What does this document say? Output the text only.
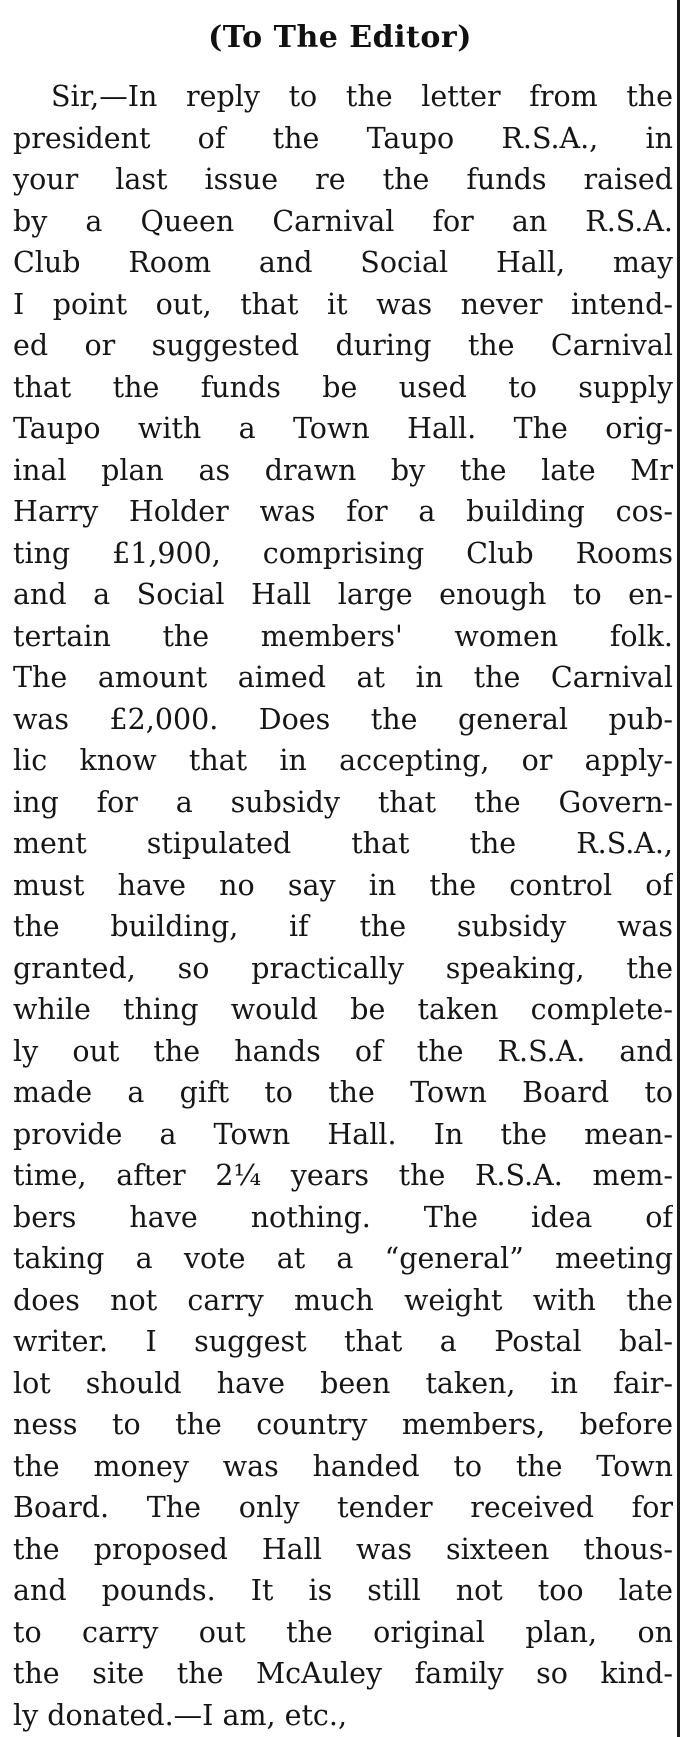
(To The Editor)
Sir,—In reply to the letter from the
president of the Taupo R.S.A., in
your last issue re the funds raised
by a Queen Carnival for an R.S.A.
Club Room and Social Hall, may
I point out, that it was never intend-
ed or suggested during the Carnival
that the funds be used to supply
Taupo with a Town Hall. The orig-
inal plan as drawn by the late Mr
Harry Holder was for a building cos-
ting £1,900, comprising Club Rooms
and a Social Hall large enough to en-
tertain the members' women folk.
The amount aimed at in the Carnival
was £2,000. Does the general pub-
lic know that in accepting, or apply-
ing for a subsidy that the Govern-
ment stipulated that the R.S.A.,
must have no say in the control of
the building, if the subsidy was
granted, so practically speaking, the
while thing would be taken complete-
ly out the hands of the R.S.A. and
made a gift to the Town Board to
provide a Town Hall. In the mean-
time, after 2¼ years the R.S.A. mem-
bers have nothing. The idea of
taking a vote at a “general” meeting
does not carry much weight with the
writer. I suggest that a Postal bal-
lot should have been taken, in fair-
ness to the country members, before
the money was handed to the Town
Board. The only tender received for
the proposed Hall was sixteen thous-
and pounds. It is still not too late
to carry out the original plan, on
the site the McAuley family so kind-
ly donated.—I am, etc.,
